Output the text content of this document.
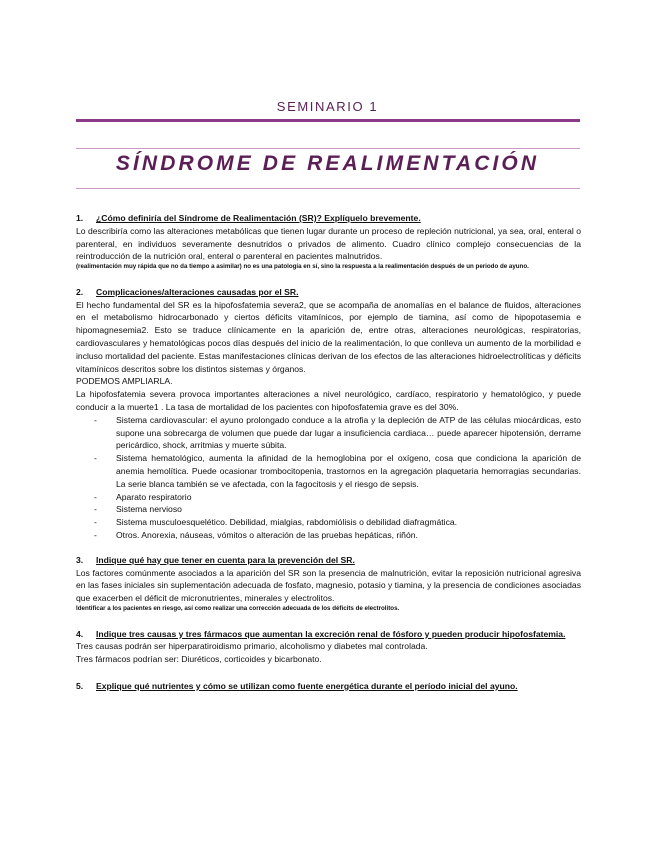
SEMINARIO 1
SÍNDROME DE REALIMENTACIÓN
1. ¿Cómo definiría del Síndrome de Realimentación (SR)? Explíquelo brevemente.

Lo describiría como las alteraciones metabólicas que tienen lugar durante un proceso de repleción nutricional, ya sea, oral, enteral o parenteral, en individuos severamente desnutridos o privados de alimento. Cuadro clínico complejo consecuencias de la reintroducción de la nutrición oral, enteral o parenteral en pacientes malnutridos.

(realimentación muy rápida que no da tiempo a asimilar) no es una patología en sí, sino la respuesta a la realimentación después de un periodo de ayuno.

2. Complicaciones/alteraciones causadas por el SR.

El hecho fundamental del SR es la hipofosfatemia severa2, que se acompaña de anomalías en el balance de fluidos, alteraciones en el metabolismo hidrocarbonado y ciertos déficits vitamínicos, por ejemplo de tiamina, así como de hipopotasemia e hipomagnesemia2. Esto se traduce clínicamente en la aparición de, entre otras, alteraciones neurológicas, respiratorias, cardiovasculares y hematológicas pocos días después del inicio de la realimentación, lo que conlleva un aumento de la morbilidad e incluso mortalidad del paciente. Estas manifestaciones clínicas derivan de los efectos de las alteraciones hidroelectrolíticas y déficits vitamínicos descritos sobre los distintos sistemas y órganos.

PODEMOS AMPLIARLA.

La hipofosfatemia severa provoca importantes alteraciones a nivel neurológico, cardíaco, respiratorio y hematológico, y puede conducir a la muerte1 . La tasa de mortalidad de los pacientes con hipofosfatemia grave es del 30%.

- Sistema cardiovascular: el ayuno prolongado conduce a la atrofia y la depleción de ATP de las células miocárdicas, esto supone una sobrecarga de volumen que puede dar lugar a insuficiencia cardiaca… puede aparecer hipotensión, derrame pericárdico, shock, arritmias y muerte súbita.
- Sistema hematológico, aumenta la afinidad de la hemoglobina por el oxígeno, cosa que condiciona la aparición de anemia hemolítica. Puede ocasionar trombocitopenia, trastornos en la agregación plaquetaria hemorragias secundarias. La serie blanca también se ve afectada, con la fagocitosis y el riesgo de sepsis.
- Aparato respiratorio
- Sistema nervioso
- Sistema musculoesquelético. Debilidad, mialgias, rabdomiólisis o debilidad diafragmática.
- Otros. Anorexia, náuseas, vómitos o alteración de las pruebas hepáticas, riñón.
3. Indique qué hay que tener en cuenta para la prevención del SR.

Los factores comúnmente asociados a la aparición del SR son la presencia de malnutrición, evitar la reposición nutricional agresiva en las fases iniciales sin suplementación adecuada de fosfato, magnesio, potasio y tiamina, y la presencia de condiciones asociadas que exacerben el déficit de micronutrientes, minerales y electrolitos.

Identificar a los pacientes en riesgo, así como realizar una corrección adecuada de los déficits de electrolitos.

4. Indique tres causas y tres fármacos que aumentan la excreción renal de fósforo y pueden producir hipofosfatemia.

Tres causas podrán ser hiperparatiroidismo primario, alcoholismo y diabetes mal controlada.

Tres fármacos podrían ser: Diuréticos, corticoides y bicarbonato.

5. Explique qué nutrientes y cómo se utilizan como fuente energética durante el período inicial del ayuno.
